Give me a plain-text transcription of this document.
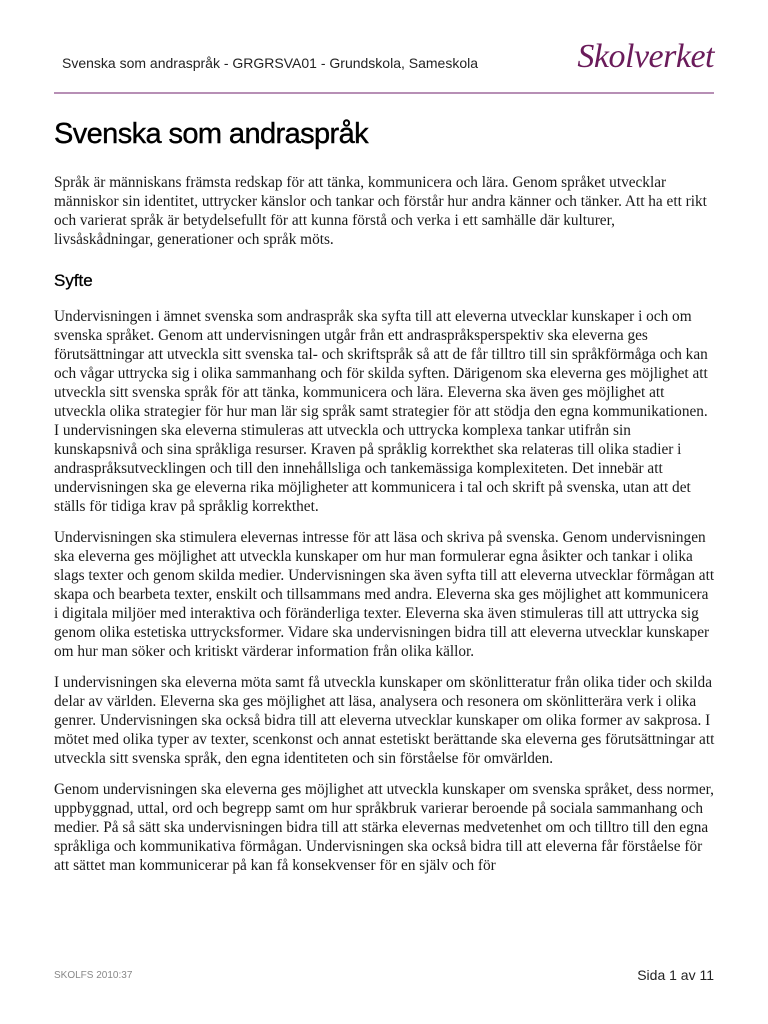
Svenska som andraspråk - GRGRSVA01 - Grundskola, Sameskola	Skolverket
Svenska som andraspråk

Språk är människans främsta redskap för att tänka, kommunicera och lära. Genom språket utvecklar människor sin identitet, uttrycker känslor och tankar och förstår hur andra känner och tänker. Att ha ett rikt och varierat språk är betydelsefullt för att kunna förstå och verka i ett samhälle där kulturer, livsåskådningar, generationer och språk möts.

Syfte

Undervisningen i ämnet svenska som andraspråk ska syfta till att eleverna utvecklar kunskaper i och om svenska språket. Genom att undervisningen utgår från ett andraspråksperspektiv ska eleverna ges förutsättningar att utveckla sitt svenska tal- och skriftspråk så att de får tilltro till sin språkförmåga och kan och vågar uttrycka sig i olika sammanhang och för skilda syften. Därigenom ska eleverna ges möjlighet att utveckla sitt svenska språk för att tänka, kommunicera och lära. Eleverna ska även ges möjlighet att utveckla olika strategier för hur man lär sig språk samt strategier för att stödja den egna kommunikationen. I undervisningen ska eleverna stimuleras att utveckla och uttrycka komplexa tankar utifrån sin kunskapsnivå och sina språkliga resurser. Kraven på språklig korrekthet ska relateras till olika stadier i andraspråksutvecklingen och till den innehållsliga och tankemässiga komplexiteten. Det innebär att undervisningen ska ge eleverna rika möjligheter att kommunicera i tal och skrift på svenska, utan att det ställs för tidiga krav på språklig korrekthet.

Undervisningen ska stimulera elevernas intresse för att läsa och skriva på svenska. Genom undervisningen ska eleverna ges möjlighet att utveckla kunskaper om hur man formulerar egna åsikter och tankar i olika slags texter och genom skilda medier. Undervisningen ska även syfta till att eleverna utvecklar förmågan att skapa och bearbeta texter, enskilt och tillsammans med andra. Eleverna ska ges möjlighet att kommunicera i digitala miljöer med interaktiva och föränderliga texter. Eleverna ska även stimuleras till att uttrycka sig genom olika estetiska uttrycksformer. Vidare ska undervisningen bidra till att eleverna utvecklar kunskaper om hur man söker och kritiskt värderar information från olika källor.

I undervisningen ska eleverna möta samt få utveckla kunskaper om skönlitteratur från olika tider och skilda delar av världen. Eleverna ska ges möjlighet att läsa, analysera och resonera om skönlitterära verk i olika genrer. Undervisningen ska också bidra till att eleverna utvecklar kunskaper om olika former av sakprosa. I mötet med olika typer av texter, scenkonst och annat estetiskt berättande ska eleverna ges förutsättningar att utveckla sitt svenska språk, den egna identiteten och sin förståelse för omvärlden.

Genom undervisningen ska eleverna ges möjlighet att utveckla kunskaper om svenska språket, dess normer, uppbyggnad, uttal, ord och begrepp samt om hur språkbruk varierar beroende på sociala sammanhang och medier. På så sätt ska undervisningen bidra till att stärka elevernas medvetenhet om och tilltro till den egna språkliga och kommunikativa förmågan. Undervisningen ska också bidra till att eleverna får förståelse för att sättet man kommunicerar på kan få konsekvenser för en själv och för

SKOLFS 2010:37	Sida 1 av 11
